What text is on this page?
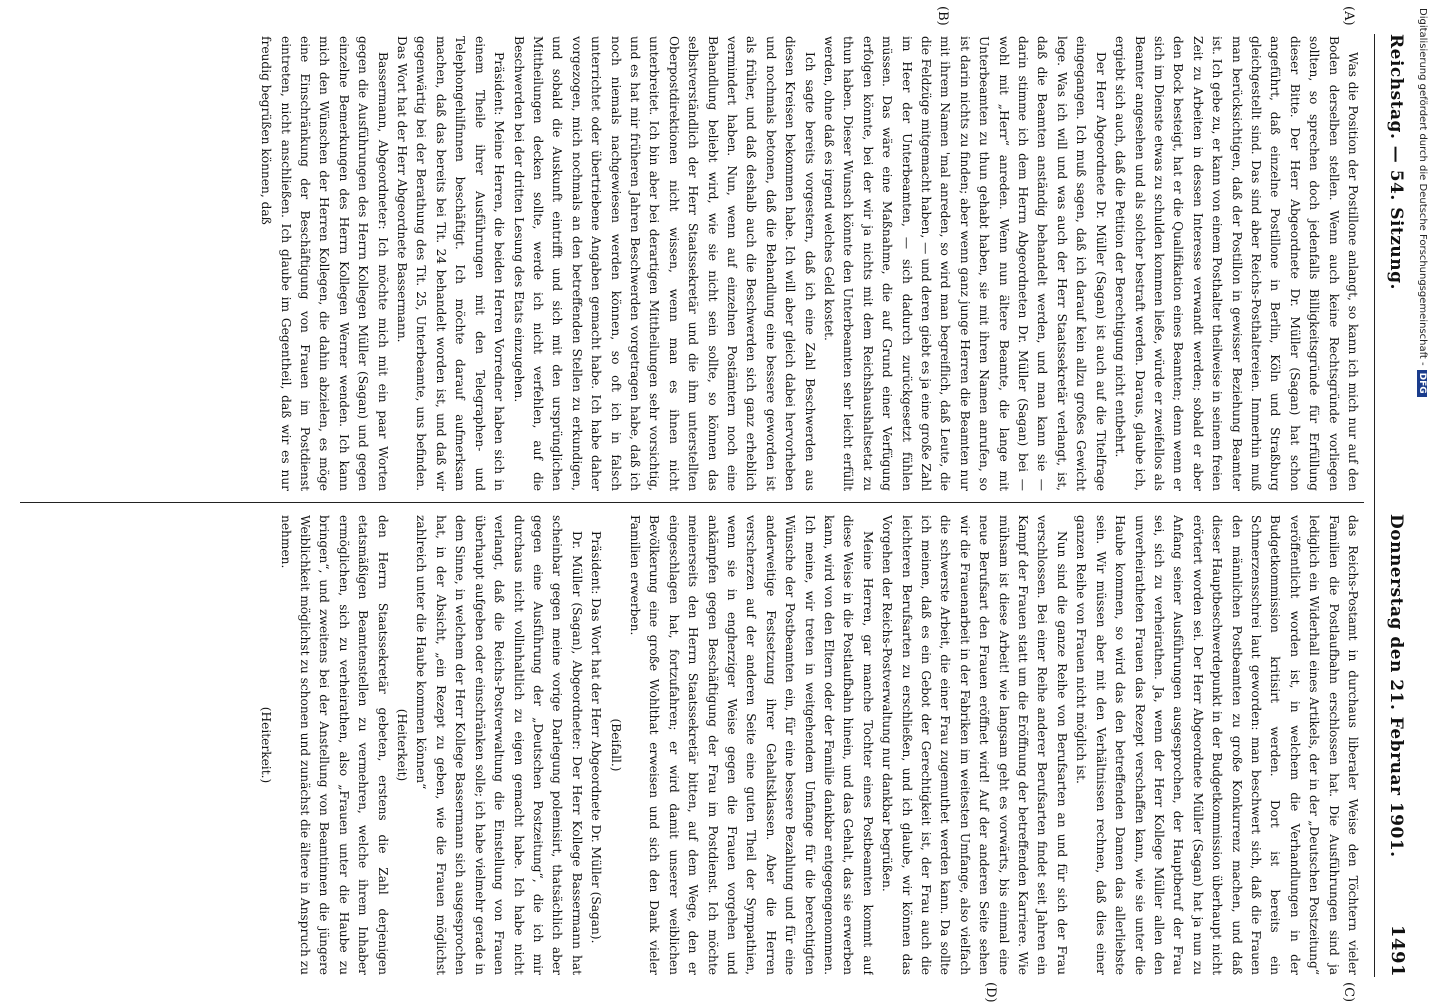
Reichstag. — 54. Sitzung.
Donnerstag den 21. Februar 1901.
1491
(A)
(B)
(C)
(D)

Was die Position der Postillone anlangt, so kann ich mich nur auf den Boden derselben stellen. Wenn auch keine Rechtsgründe vorliegen sollten, so sprechen doch jedenfalls Billigkeitsgründe für Erfüllung dieser Bitte. Der Herr Abgeordnete Dr. Müller (Sagan) hat schon angeführt, daß einzelne Postillone in Berlin, Köln und Straßburg gleichgestellt sind. Das sind aber Reichs-Posthaltereien. Immerhin muß man berücksichtigen, daß der Postillon in gewisser Beziehung Beamter ist. Ich gebe zu, er kann von einem Posthalter theilweise in seinem freien Zeit zu Arbeiten in dessen Interesse verwandt werden; sobald er aber den Bock besteigt, hat er die Qualifikation eines Beamten; denn wenn er sich im Dienste etwas zu schulden kommen ließe, würde er zweifellos als Beamter angesehen und als solcher bestraft werden. Daraus, glaube ich, ergiebt sich auch, daß die Petition der Berechtigung nicht entbehrt.

Der Herr Abgeordnete Dr. Müller (Sagan) ist auch auf die Titelfrage eingegangen. Ich muß sagen, daß ich darauf kein allzu großes Gewicht lege. Was ich will und was auch der Herr Staatssekretär verlangt, ist, daß die Beamten anständig behandelt werden, und man kann sie — darin stimme ich dem Herrn Abgeordneten Dr. Müller (Sagan) bei — wohl mit „Herr“ anreden. Wenn nun ältere Beamte, die lange mit Unterbeamten zu thun gehabt haben, sie mit ihren Namen anrufen, so ist darin nichts zu finden; aber wenn ganz junge Herren die Beamten nur mit ihrem Namen 'mal anreden, so wird man begreiflich, daß Leute, die die Feldzüge mitgemacht haben, — und deren giebt es ja eine große Zahl im Heer der Unterbeamten, — sich dadurch zurückgesetzt fühlen müssen. Das wäre eine Maßnahme, die auf Grund einer Verfügung erfolgen könnte, bei der wir ja nichts mit dem Reichshaushaltsetat zu thun haben. Dieser Wunsch könnte den Unterbeamten sehr leicht erfüllt werden, ohne daß es irgend welches Geld kostet.

Ich sagte bereits vorgestern, daß ich eine Zahl Beschwerden aus diesen Kreisen bekommen habe. Ich will aber gleich dabei hervorheben und nochmals betonen, daß die Behandlung eine bessere geworden ist als früher, und daß deshalb auch die Beschwerden sich ganz erheblich vermindert haben. Nun, wenn auf einzelnen Postämtern noch eine Behandlung beliebt wird, wie sie nicht sein sollte, so können das selbstverständlich der Herr Staatssekretär und die ihm unterstellten Oberpostdirektionen nicht wissen, wenn man es ihnen nicht unterbreitet. Ich bin aber bei derartigen Mittheilungen sehr vorsichtig, und es hat mir früheren Jahren Beschwerden vorgetragen habe, daß ich noch niemals nachgewiesen werden können, so oft ich in falsch unterrichtet oder übertriebene Angaben gemacht habe. Ich habe daher vorgezogen, mich nochmals an den betreffenden Stellen zu erkundigen, und sobald die Auskunft eintrifft und sich mit den ursprünglichen Mittheilungen decken sollte, werde ich nicht verfehlen, auf die Beschwerden bei der dritten Lesung des Etats einzugehen.

Präsident: Meine Herren, die beiden Herren Vorredner haben sich in einem Theile ihrer Ausführungen mit den Telegraphen- und Telephongehilfinnen beschäftigt. Ich möchte darauf aufmerksam machen, daß das bereits bei Tit. 24 behandelt worden ist, und daß wir gegenwärtig bei der Berathung des Tit. 25, Unterbeamte, uns befinden. Das Wort hat der Herr Abgeordnete Bassermann.

Bassermann, Abgeordneter: Ich möchte mich mit ein paar Worten gegen die Ausführungen des Herrn Kollegen Müller (Sagan) und gegen einzelne Bemerkungen des Herrn Kollegen Werner wenden. Ich kann mich den Wünschen der Herren Kollegen, die dahin abzielen, es möge eine Einschränkung der Beschäftigung von Frauen im Postdienst eintreten, nicht anschließen. Ich glaube im Gegentheil, daß wir es nur freudig begrüßen können, daß

das Reichs-Postamt in durchaus liberaler Weise den Töchtern vieler Familien die Postlaufbahn erschlossen hat. Die Ausführungen sind ja lediglich ein Widerhall eines Artikels, der in der „Deutschen Postzeitung“ veröffentlicht worden ist, in welchem die Verhandlungen in der Budgetkommission kritisirt werden. Dort ist bereits ein Schmerzensschrei laut geworden: man beschwert sich, daß die Frauen den männlichen Postbeamten zu große Konkurrenz machen, und daß dieser Hauptbeschwerdepunkt in der Budgetkommission überhaupt nicht erörtert worden sei. Der Herr Abgeordnete Müller (Sagan) hat ja nun zu Anfang seiner Ausführungen ausgesprochen, der Hauptberuf der Frau sei, sich zu verheirathen. Ja, wenn der Herr Kollege Müller allen den unverheiratheten Frauen das Rezept verschaffen kann, wie sie unter die Haube kommen, so wird das den betreffenden Damen das allerliebste sein. Wir müssen aber mit den Verhältnissen rechnen, daß dies einer ganzen Reihe von Frauen nicht möglich ist.

Nun sind die ganze Reihe von Berufsarten an und für sich der Frau verschlossen. Bei einer Reihe anderer Berufsarten findet seit Jahren ein Kampf der Frauen statt um die Eröffnung der betreffenden Karriere. Wie mühsam ist diese Arbeit! wie langsam geht es vorwärts, bis einmal eine neue Berufsart den Frauen eröffnet wird! Auf der anderen Seite sehen wir die Frauenarbeit in der Fabriken im weitesten Umfange, also vielfach die schwerste Arbeit, die einer Frau zugemuthet werden kann. Da sollte ich meinen, daß es ein Gebot der Gerechtigkeit ist, der Frau auch die leichteren Berufsarten zu erschließen, und ich glaube, wir können das Vorgehen der Reichs-Postverwaltung nur dankbar begrüßen.

Meine Herren, gar manche Tochter eines Postbeamten kommt auf diese Weise in die Postlaufbahn hinein, und das Gehalt, das sie erwerben kann, wird von den Eltern oder der Familie dankbar entgegengenommen. Ich meine, wir treten in weitgehendem Umfange für die berechtigten Wünsche der Postbeamten ein, für eine bessere Bezahlung und für eine anderweitige Festsetzung ihrer Gehaltsklassen. Aber die Herren verscherzen auf der anderen Seite eine guten Theil der Sympathien, wenn sie in engherziger Weise gegen die Frauen vorgehen und ankämpfen gegen Beschäftigung der Frau im Postdienst. Ich möchte meinerseits den Herrn Staatssekretär bitten, auf dem Wege, den er eingeschlagen hat, fortzufahren; er wird damit unserer weiblichen Bevölkerung eine große Wohlthat erweisen und sich den Dank vieler Familien erwerben.

(Beifall.)

Präsident: Das Wort hat der Herr Abgeordnete Dr. Müller (Sagan).

Dr. Müller (Sagan), Abgeordneter: Der Herr Kollege Bassermann hat scheinbar gegen meine vorige Darlegung polemisirt, thatsächlich aber gegen eine Ausführung der „Deutschen Postzeitung“, die ich mir durchaus nicht vollinhaltlich zu eigen gemacht habe. Ich habe nicht verlangt, daß die Reichs-Postverwaltung die Einstellung von Frauen überhaupt aufgeben oder einschränken solle; ich habe vielmehr gerade in dem Sinne, in welchem der Herr Kollege Bassermann sich ausgesprochen hat, in der Absicht, „ein Rezept zu geben, wie die Frauen möglichst zahlreich unter die Haube kommen können“

(Heiterkeit)

den Herrn Staatssekretär gebeten, erstens die Zahl derjenigen etatsmäßigen Beamtenstellen zu vermehren, welche ihrem Inhaber ermöglichen, sich zu verheirathen, also „Frauen unter die Haube zu bringen“, und zweitens bei der Anstellung von Beamtinnen die jüngere Weiblichkeit möglichst zu schonen und zunächst die ältere in Anspruch zu nehmen.

(Heiterkeit.)

Digitalisierung gefördert durch die Deutsche Forschungsgemeinschaft -DFG
